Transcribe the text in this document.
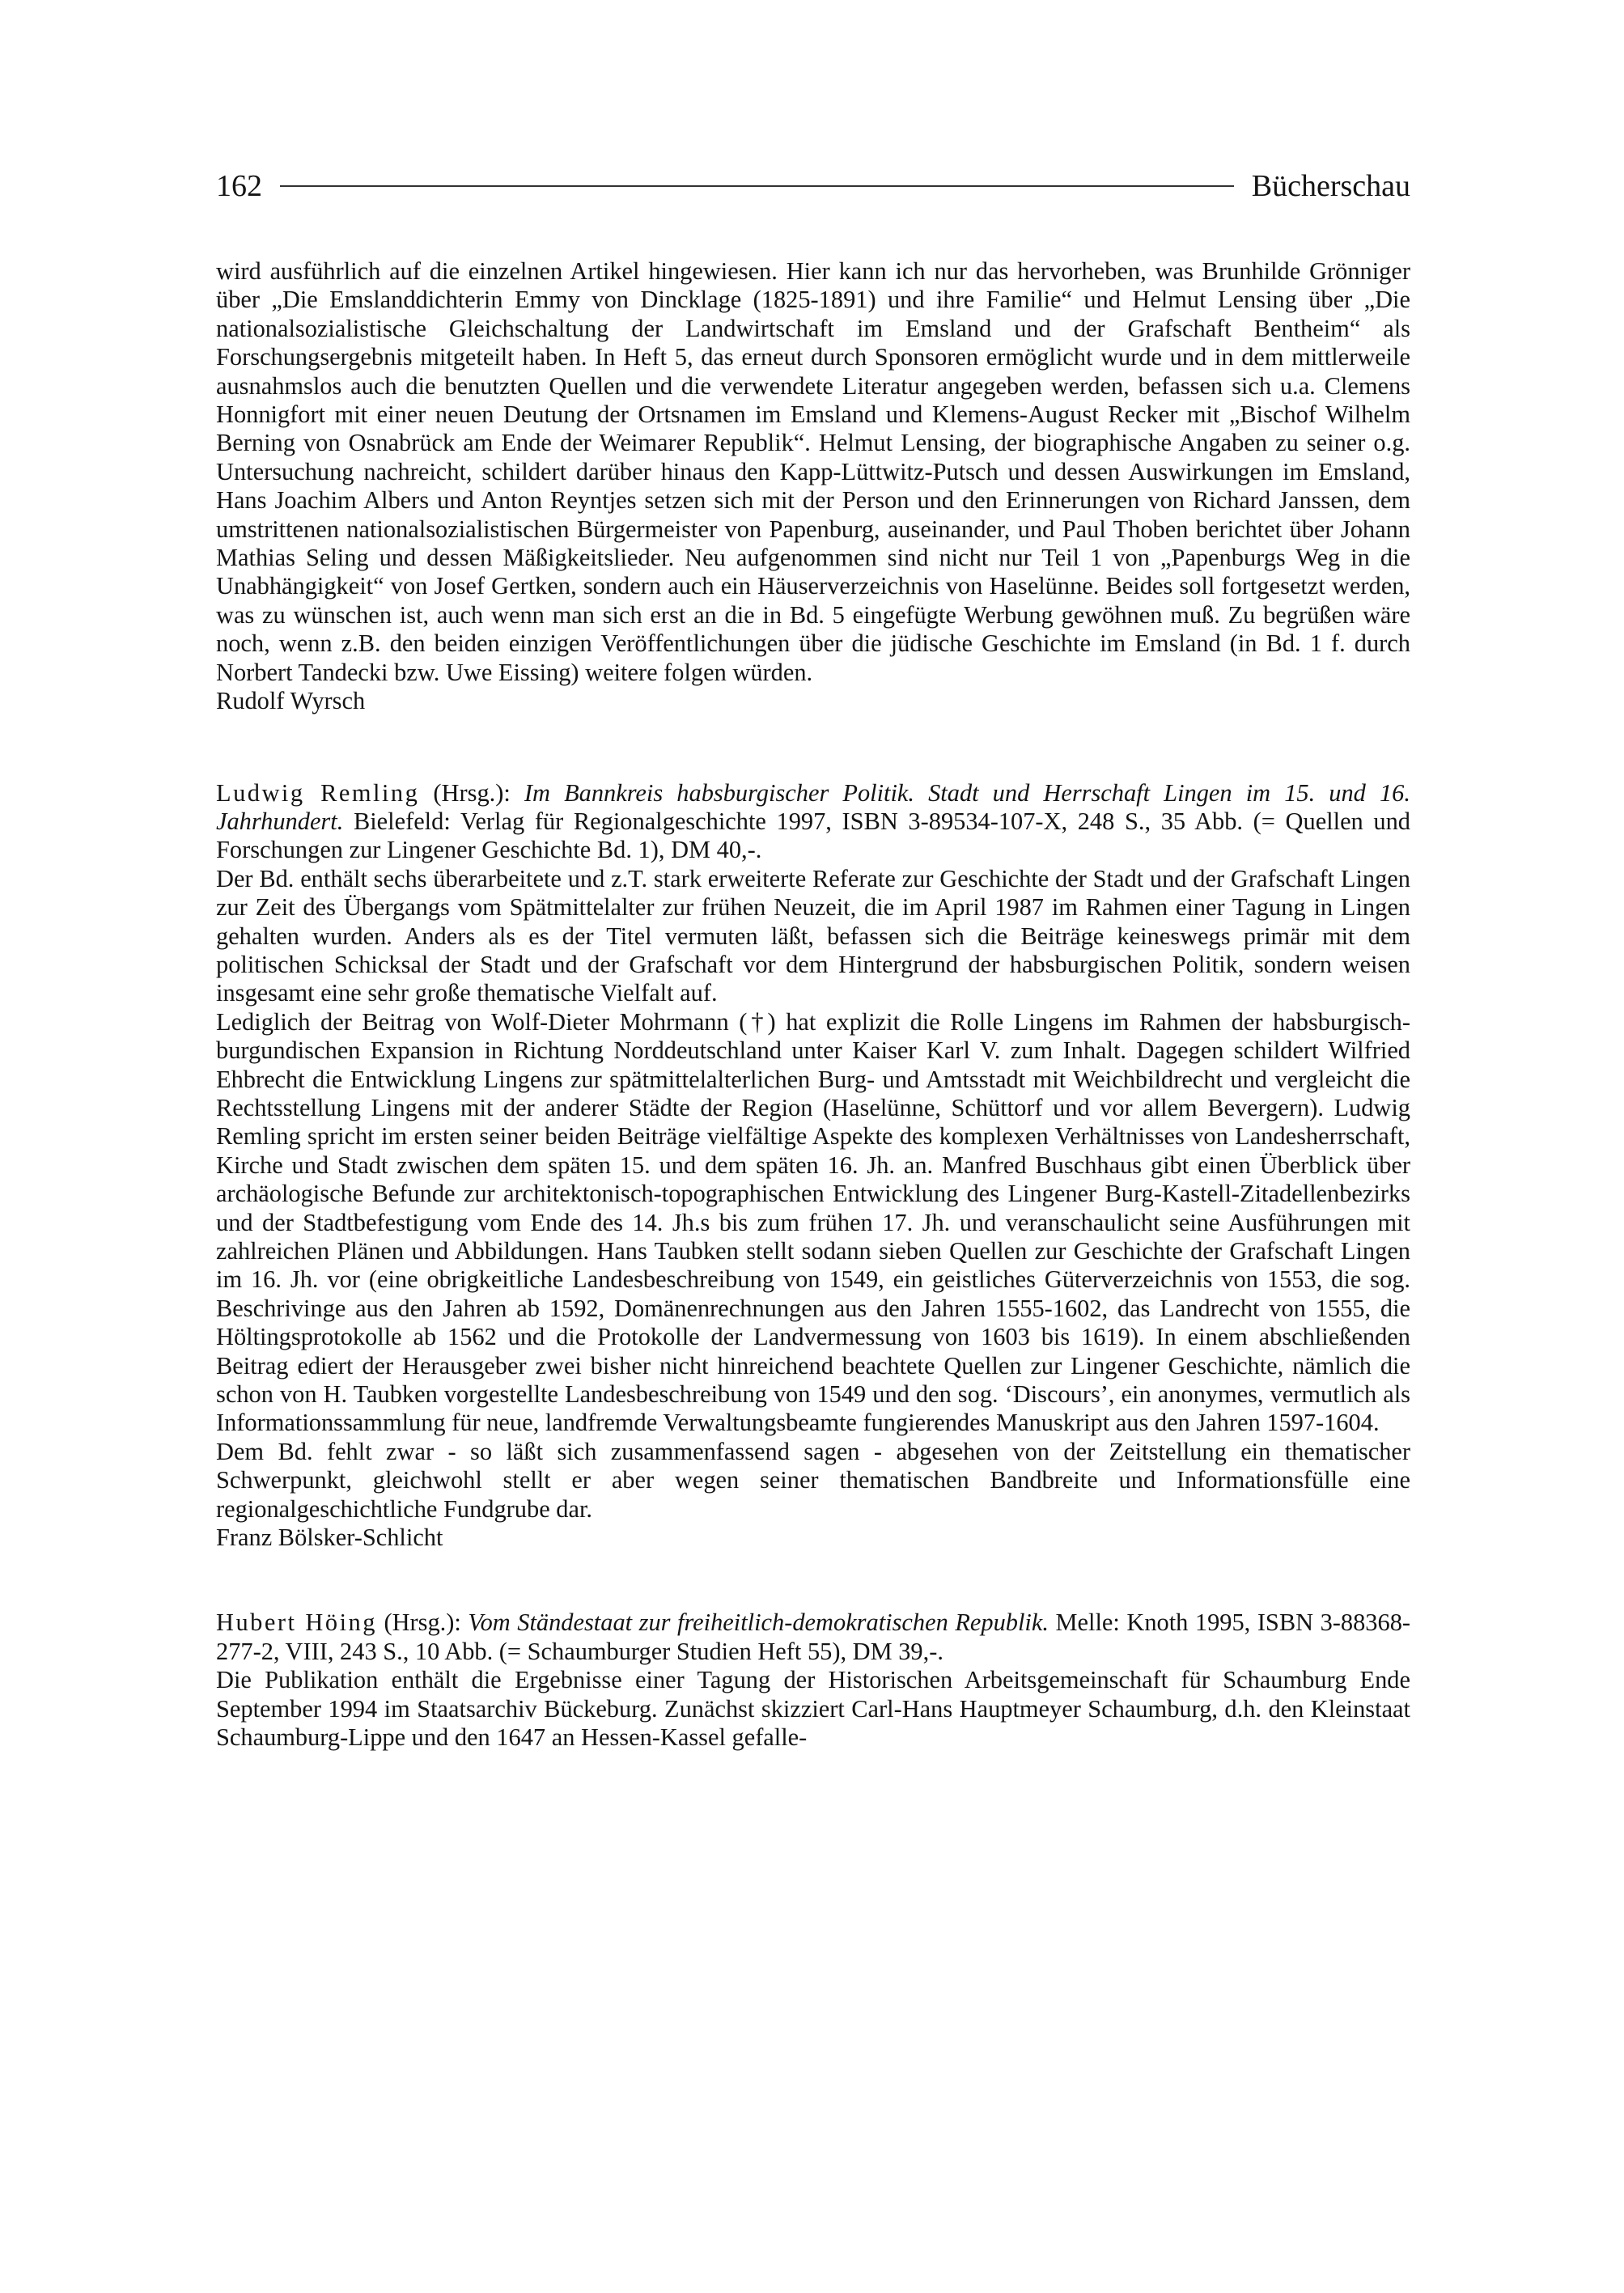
162	Bücherschau

wird ausführlich auf die einzelnen Artikel hingewiesen. Hier kann ich nur das hervorheben, was Brunhilde Grönniger über „Die Emslanddichterin Emmy von Dincklage (1825-1891) und ihre Familie“ und Helmut Lensing über „Die nationalsozialistische Gleichschaltung der Landwirtschaft im Emsland und der Grafschaft Bentheim“ als Forschungsergebnis mitgeteilt haben. In Heft 5, das erneut durch Sponsoren ermöglicht wurde und in dem mittlerweile ausnahmslos auch die benutzten Quellen und die verwendete Literatur angegeben werden, befassen sich u.a. Clemens Honnigfort mit einer neuen Deutung der Ortsnamen im Emsland und Klemens-August Recker mit „Bischof Wilhelm Berning von Osnabrück am Ende der Weimarer Republik“. Helmut Lensing, der biographische Angaben zu seiner o.g. Untersuchung nachreicht, schildert darüber hinaus den Kapp-Lüttwitz-Putsch und dessen Auswirkungen im Emsland, Hans Joachim Albers und Anton Reyntjes setzen sich mit der Person und den Erinnerungen von Richard Janssen, dem umstrittenen nationalsozialistischen Bürgermeister von Papenburg, auseinander, und Paul Thoben berichtet über Johann Mathias Seling und dessen Mäßigkeitslieder. Neu aufgenommen sind nicht nur Teil 1 von „Papenburgs Weg in die Unabhängigkeit“ von Josef Gertken, sondern auch ein Häuserverzeichnis von Haselünne. Beides soll fortgesetzt werden, was zu wünschen ist, auch wenn man sich erst an die in Bd. 5 eingefügte Werbung gewöhnen muß. Zu begrüßen wäre noch, wenn z.B. den beiden einzigen Veröffentlichungen über die jüdische Geschichte im Emsland (in Bd. 1 f. durch Norbert Tandecki bzw. Uwe Eissing) weitere folgen würden.

Rudolf Wyrsch

Ludwig Remling (Hrsg.): Im Bannkreis habsburgischer Politik. Stadt und Herrschaft Lingen im 15. und 16. Jahrhundert. Bielefeld: Verlag für Regionalgeschichte 1997, ISBN 3-89534-107-X, 248 S., 35 Abb. (= Quellen und Forschungen zur Lingener Geschichte Bd. 1), DM 40,-.

Der Bd. enthält sechs überarbeitete und z.T. stark erweiterte Referate zur Geschichte der Stadt und der Grafschaft Lingen zur Zeit des Übergangs vom Spätmittelalter zur frühen Neuzeit, die im April 1987 im Rahmen einer Tagung in Lingen gehalten wurden. Anders als es der Titel vermuten läßt, befassen sich die Beiträge keineswegs primär mit dem politischen Schicksal der Stadt und der Grafschaft vor dem Hintergrund der habsburgischen Politik, sondern weisen insgesamt eine sehr große thematische Vielfalt auf.

Lediglich der Beitrag von Wolf-Dieter Mohrmann (†) hat explizit die Rolle Lingens im Rahmen der habsburgisch-burgundischen Expansion in Richtung Norddeutschland unter Kaiser Karl V. zum Inhalt. Dagegen schildert Wilfried Ehbrecht die Entwicklung Lingens zur spätmittelalterlichen Burg- und Amtsstadt mit Weichbildrecht und vergleicht die Rechtsstellung Lingens mit der anderer Städte der Region (Haselünne, Schüttorf und vor allem Bevergern). Ludwig Remling spricht im ersten seiner beiden Beiträge vielfältige Aspekte des komplexen Verhältnisses von Landesherrschaft, Kirche und Stadt zwischen dem späten 15. und dem späten 16. Jh. an. Manfred Buschhaus gibt einen Überblick über archäologische Befunde zur architektonisch-topographischen Entwicklung des Lingener Burg-Kastell-Zitadellenbezirks und der Stadtbefestigung vom Ende des 14. Jh.s bis zum frühen 17. Jh. und veranschaulicht seine Ausführungen mit zahlreichen Plänen und Abbildungen. Hans Taubken stellt sodann sieben Quellen zur Geschichte der Grafschaft Lingen im 16. Jh. vor (eine obrigkeitliche Landesbeschreibung von 1549, ein geistliches Güterverzeichnis von 1553, die sog. Beschrivinge aus den Jahren ab 1592, Domänenrechnungen aus den Jahren 1555-1602, das Landrecht von 1555, die Höltingsprotokolle ab 1562 und die Protokolle der Landvermessung von 1603 bis 1619). In einem abschließenden Beitrag ediert der Herausgeber zwei bisher nicht hinreichend beachtete Quellen zur Lingener Geschichte, nämlich die schon von H. Taubken vorgestellte Landesbeschreibung von 1549 und den sog. ‘Discours’, ein anonymes, vermutlich als Informationssammlung für neue, landfremde Verwaltungsbeamte fungierendes Manuskript aus den Jahren 1597-1604.

Dem Bd. fehlt zwar - so läßt sich zusammenfassend sagen - abgesehen von der Zeitstellung ein thematischer Schwerpunkt, gleichwohl stellt er aber wegen seiner thematischen Bandbreite und Informationsfülle eine regionalgeschichtliche Fundgrube dar.

Franz Bölsker-Schlicht

Hubert Höing (Hrsg.): Vom Ständestaat zur freiheitlich-demokratischen Republik. Melle: Knoth 1995, ISBN 3-88368-277-2, VIII, 243 S., 10 Abb. (= Schaumburger Studien Heft 55), DM 39,-.

Die Publikation enthält die Ergebnisse einer Tagung der Historischen Arbeitsgemeinschaft für Schaumburg Ende September 1994 im Staatsarchiv Bückeburg. Zunächst skizziert Carl-Hans Hauptmeyer Schaumburg, d.h. den Kleinstaat Schaumburg-Lippe und den 1647 an Hessen-Kassel gefalle-
